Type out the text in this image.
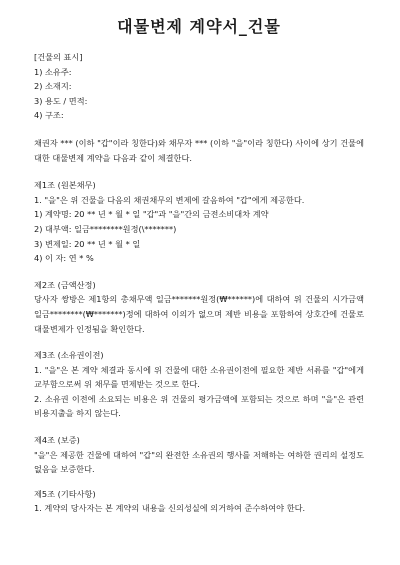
대물변제 계약서_건물
[건물의 표시]
1) 소유주:
2) 소재지:
3) 용도 / 면적:
4) 구조:
채권자 *** (이하 "갑"이라 칭한다)와 채무자 *** (이하 "을"이라 칭한다) 사이에 상기 건물에 대한 대물변제 계약을 다음과 같이 체결한다.
제1조 (원본채무)
1. "을"은 위 건물을 다음의 채권채무의 변제에 갈음하여 "갑"에게 제공한다.
1) 계약명: 20 ** 년 * 월 * 일 "갑"과 "을"간의 금전소비대차 계약
2) 대부액: 일금********원정(\*******)
3) 변제일: 20 ** 년 * 월 * 일
4) 이 자: 연 * %
제2조 (금액산정)
당사자 쌍방은 제1항의 총채무액 일금*******원정(₩******)에 대하여 위 건물의 시가금액 일금********(₩*******)정에 대하여 이의가 없으며 제반 비용을 포함하여 상호간에 건물로 대물변제가 인정됨을 확인한다.
제3조 (소유권이전)
1. "을"은 본 계약 체결과 동시에 위 건물에 대한 소유권이전에 필요한 제반 서류를 "갑"에게 교부함으로써 위 채무를 면제받는 것으로 한다.
2. 소유권 이전에 소요되는 비용은 위 건물의 평가금액에 포함되는 것으로 하며 "을"은 관련 비용지출을 하지 않는다.
제4조 (보증)
"을"은 제공한 건물에 대하여 "갑"의 완전한 소유권의 행사를 저해하는 여하한 권리의 설정도 없음을 보증한다.
제5조 (기타사항)
1. 계약의 당사자는 본 계약의 내용을 신의성실에 의거하여 준수하여야 한다.
